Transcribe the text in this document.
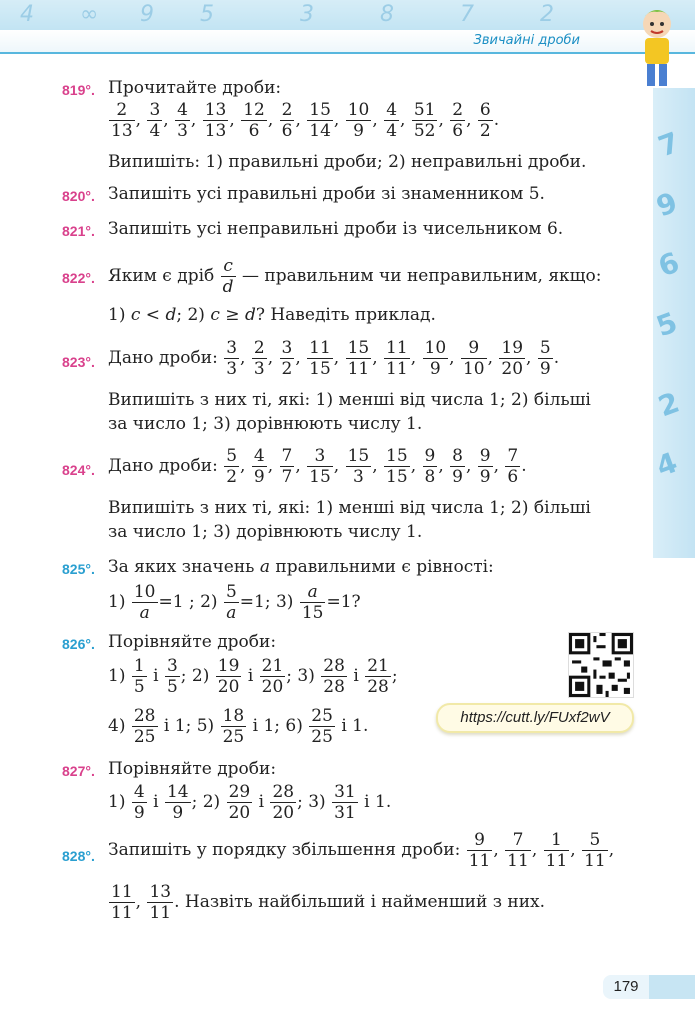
4 ∞ 9 5	3	8	7	2
Звичайні дроби
7
9
6
5
2
4
819°. Прочитайте дроби:
$\frac{2}{13}$ , $\frac{3}{4}$ , $\frac{4}{3}$ , $\frac{13}{13}$ , $\frac{12}{6}$ , $\frac{2}{6}$ , $\frac{15}{14}$ , $\frac{10}{9}$ , $\frac{4}{4}$ , $\frac{51}{52}$ , $\frac{2}{6}$ , $\frac{6}{2}$ .
Випишіть: 1) правильні дроби; 2) неправильні дроби.
820°. Запишіть усі правильні дроби зі знаменником 5.
821°. Запишіть усі неправильні дроби із чисельником 6.
822°. Яким є дріб $\frac{c}{d}$ — правильним чи неправильним, якщо:
1) c < d; 2) c ≥ d? Наведіть приклад.
823°. Дано дроби: $\frac{3}{3}$ , $\frac{2}{3}$ , $\frac{3}{2}$ , $\frac{11}{15}$ , $\frac{15}{11}$ , $\frac{11}{11}$ , $\frac{10}{9}$ , $\frac{9}{10}$ , $\frac{19}{20}$ , $\frac{5}{9}$ .
Випишіть з них ті, які: 1) менші від числа 1; 2) більші
за число 1; 3) дорівнюють числу 1.
824°. Дано дроби: $\frac{5}{2}$ , $\frac{4}{9}$ , $\frac{7}{7}$ , $\frac{3}{15}$ , $\frac{15}{3}$ , $\frac{15}{15}$ , $\frac{9}{8}$ , $\frac{8}{9}$ , $\frac{9}{9}$ , $\frac{7}{6}$ .
Випишіть з них ті, які: 1) менші від числа 1; 2) більші
за число 1; 3) дорівнюють числу 1.
825°. За яких значень a правильними є рівності:
$1) \frac{10}{a} =1$ ; $2) \frac{5}{a} =1$; $3) \frac{a}{15} =1$?
826°. Порівняйте дроби:
$1) \frac{1}{5}$ і $\frac{3}{5}$ ; $2) \frac{19}{20}$ і $\frac{21}{20}$ ; $3) \frac{28}{28}$ і $\frac{21}{28}$ ;
$4) \frac{28}{25}$ і 1; $5) \frac{18}{25}$ і 1; $6) \frac{25}{25}$ і 1.	https://cutt.ly/FUxf2wV
827°. Порівняйте дроби:
$1) \frac{4}{9}$ і $\frac{14}{9}$ ; $2) \frac{29}{20}$ і $\frac{28}{20}$ ; $3) \frac{31}{31}$ і 1.
828°. Запишіть у порядку збільшення дроби: $\frac{9}{11}$ , $\frac{7}{11}$ , $\frac{1}{11}$ , $\frac{5}{11}$ ,
$\frac{11}{11}$ , $\frac{13}{11}$ . Назвіть найбільший і найменший з них.
179
